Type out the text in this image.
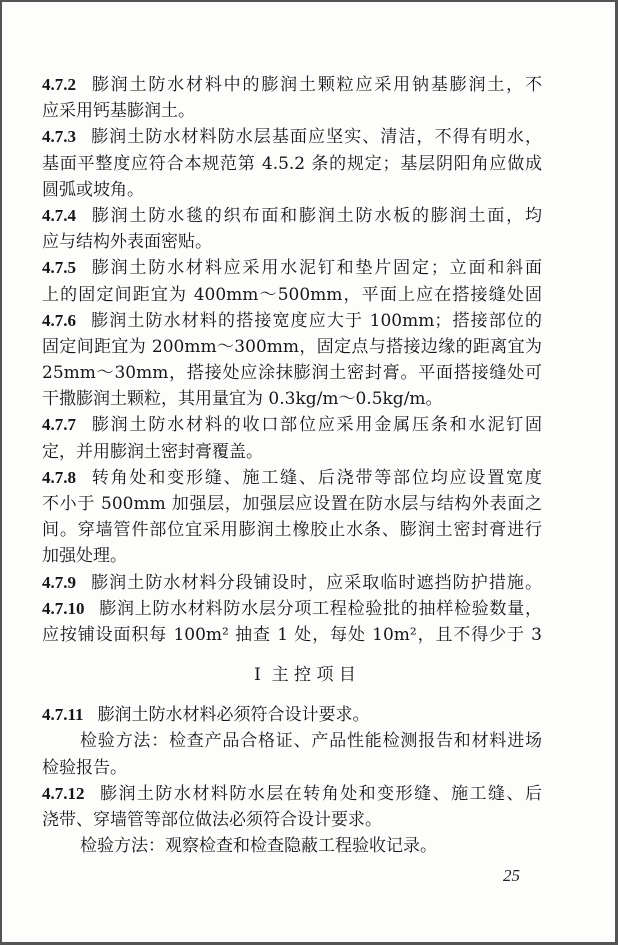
4.7.2 膨润土防水材料中的膨润土颗粒应采用钠基膨润土，不
应采用钙基膨润土。
4.7.3 膨润土防水材料防水层基面应坚实、清洁，不得有明水，
基面平整度应符合本规范第 4.5.2 条的规定；基层阴阳角应做成
圆弧或坡角。
4.7.4 膨润土防水毯的织布面和膨润土防水板的膨润土面，均
应与结构外表面密贴。
4.7.5 膨润土防水材料应采用水泥钉和垫片固定；立面和斜面
上的固定间距宜为 400mm～500mm，平面上应在搭接缝处固
4.7.6 膨润土防水材料的搭接宽度应大于 100mm；搭接部位的
固定间距宜为 200mm～300mm，固定点与搭接边缘的距离宜为
25mm～30mm，搭接处应涂抹膨润土密封膏。平面搭接缝处可
干撒膨润土颗粒，其用量宜为 0.3kg/m～0.5kg/m。
4.7.7 膨润土防水材料的收口部位应采用金属压条和水泥钉固
定，并用膨润土密封膏覆盖。
4.7.8 转角处和变形缝、施工缝、后浇带等部位均应设置宽度
不小于 500mm 加强层，加强层应设置在防水层与结构外表面之
间。穿墙管件部位宜采用膨润土橡胶止水条、膨润土密封膏进行
加强处理。
4.7.9 膨润土防水材料分段铺设时，应采取临时遮挡防护措施。
4.7.10 膨润上防水材料防水层分项工程检验批的抽样检验数量，
应按铺设面积每 100m² 抽查 1 处，每处 10m²，且不得少于 3
Ⅰ  主 控 项 目
4.7.11 膨润土防水材料必须符合设计要求。
检验方法：检查产品合格证、产品性能检测报告和材料进场
检验报告。
4.7.12 膨润土防水材料防水层在转角处和变形缝、施工缝、后
浇带、穿墙管等部位做法必须符合设计要求。
检验方法：观察检查和检查隐蔽工程验收记录。
25
